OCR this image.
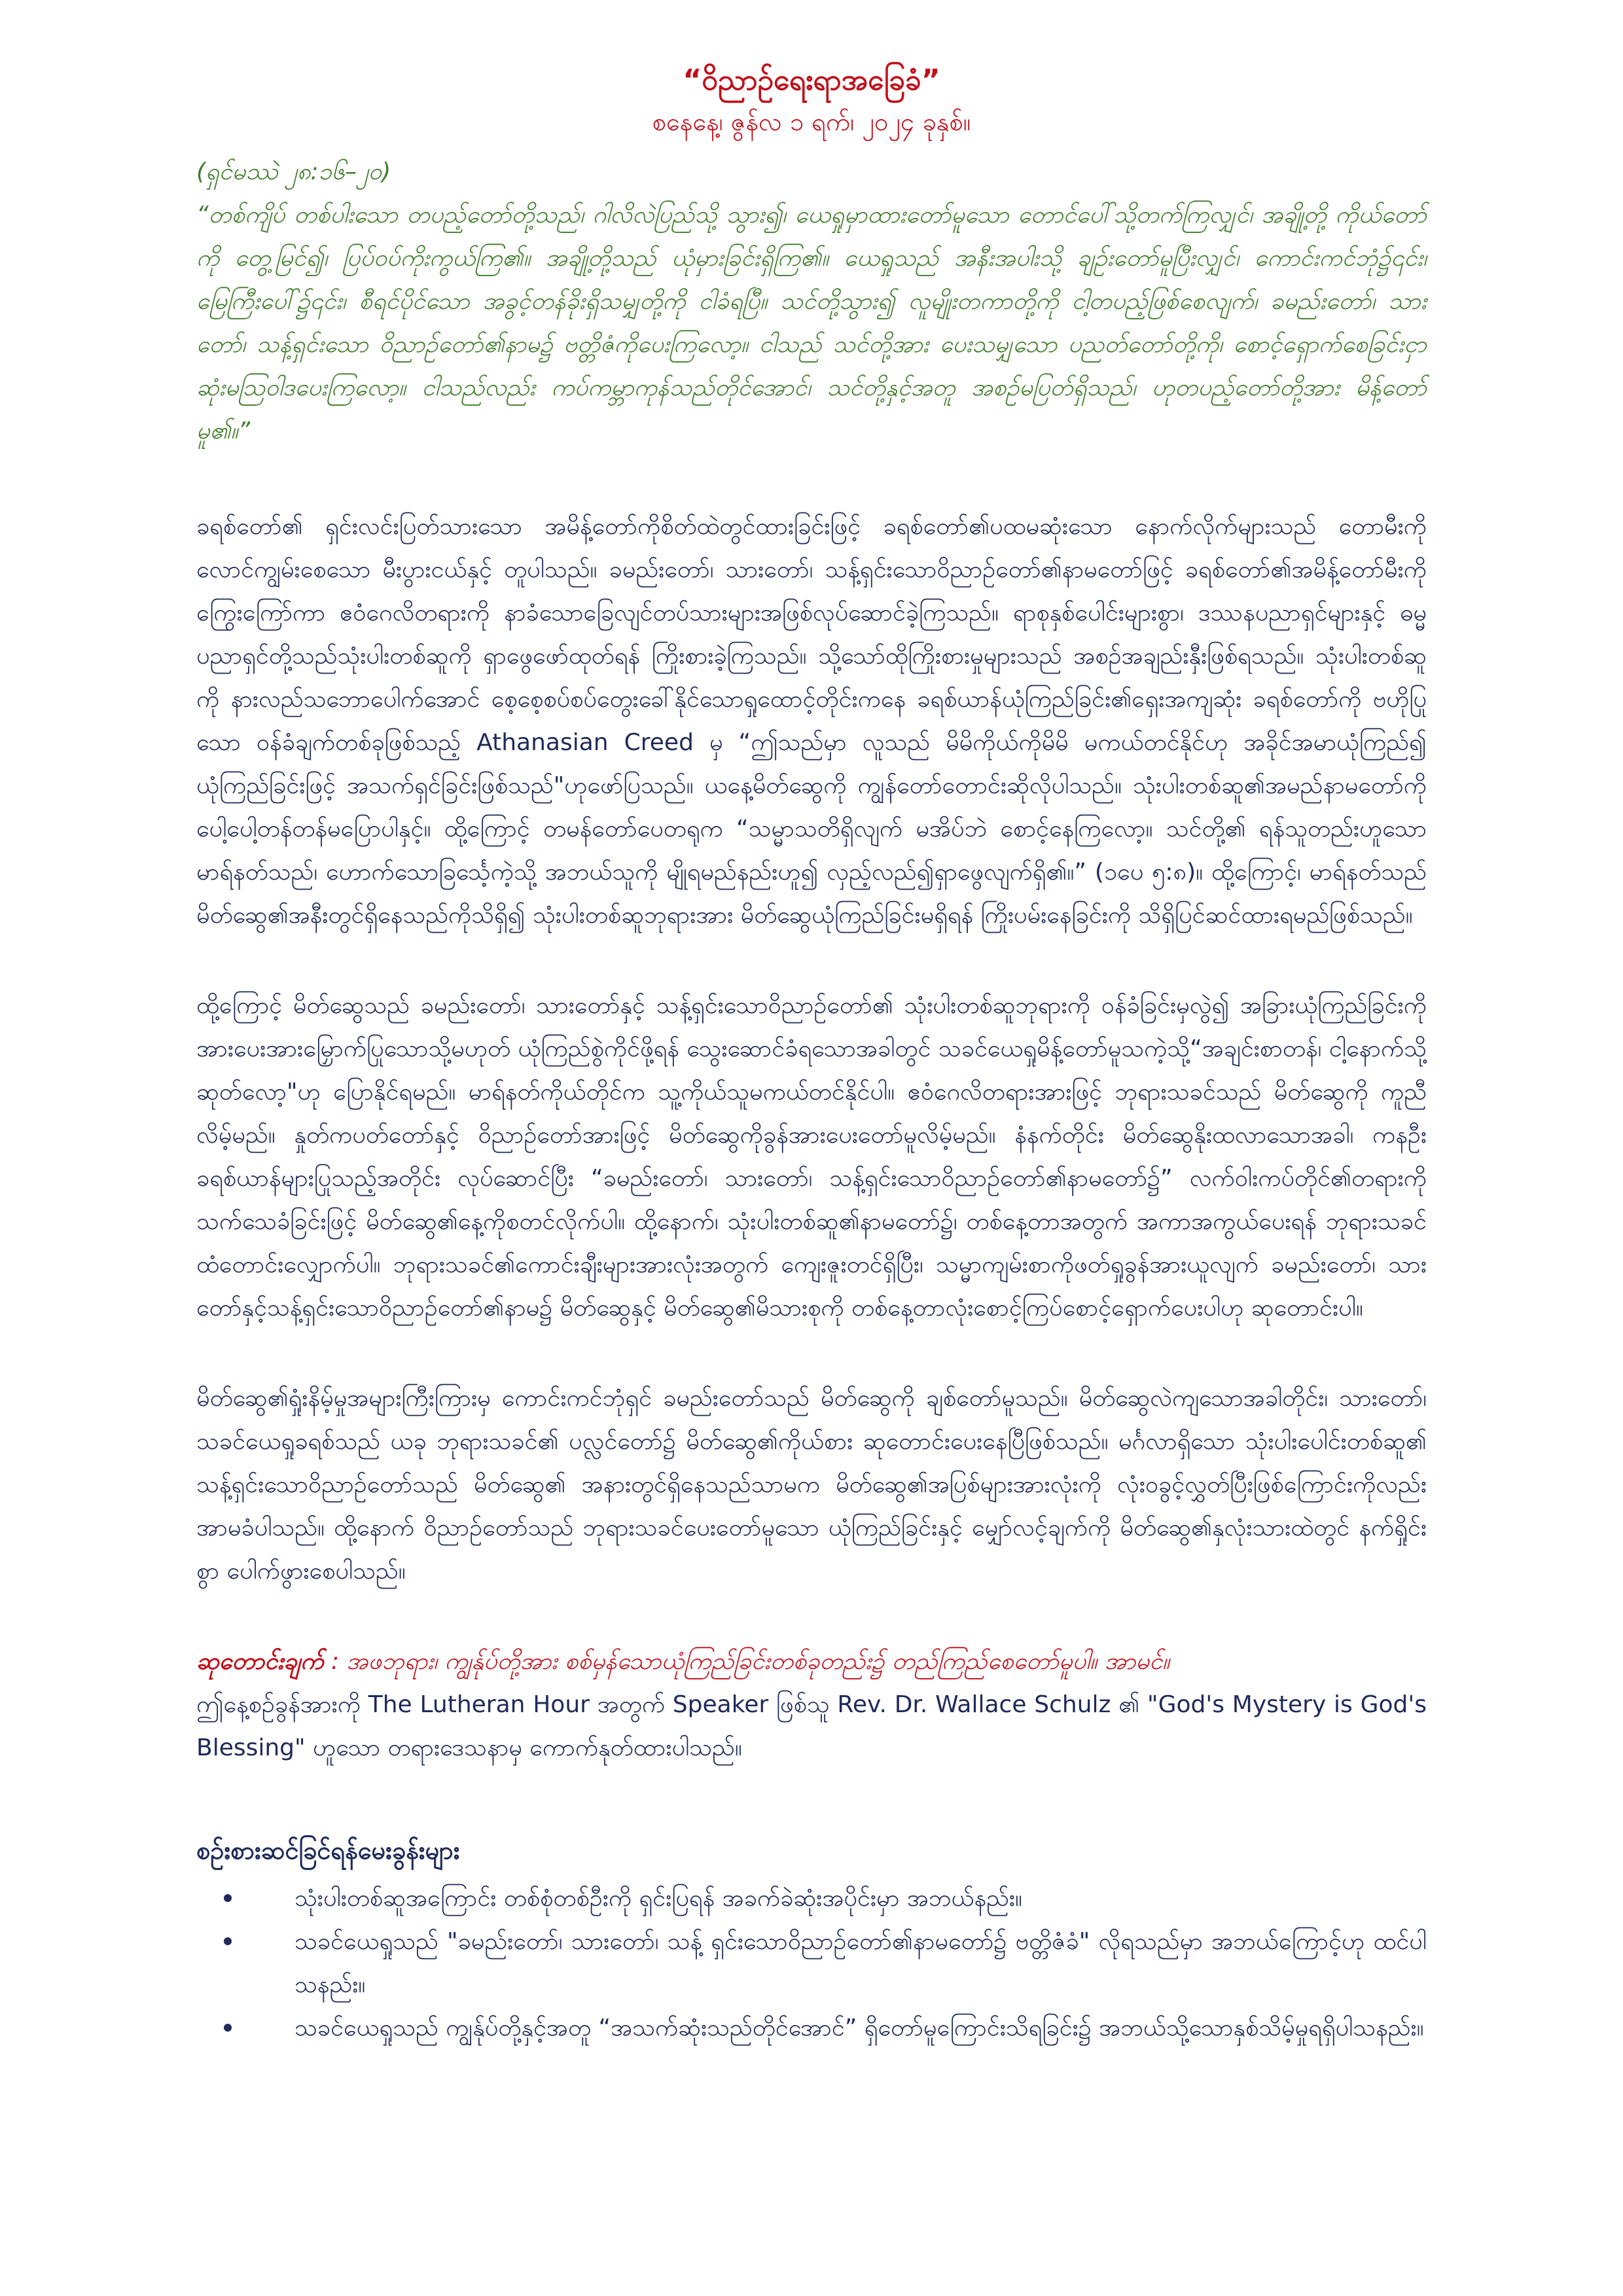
“ဝိညာဉ်ရေးရာအခြေခံ”
စနေနေ့၊ ဇွန်လ ၁ ရက်၊ ၂၀၂၄ ခုနှစ်။
(ရှင်မဿဲ ၂၈:၁၆–၂၀)
“တစ်ကျိပ် တစ်ပါးသော တပည့်တော်တို့သည်၊ ဂါလိလဲပြည်သို့ သွား၍၊ ယေရှုမှာထားတော်မူသော တောင်ပေါ်သို့တက်ကြလျှင်၊ အချို့တို့ ကိုယ်တော်ကို တွေ့မြင်၍၊ ပြပ်ဝပ်ကိုးကွယ်ကြ၏။ အချို့တို့သည် ယုံမှားခြင်းရှိကြ၏။ ယေရှုသည် အနီးအပါးသို့ ချဉ်းတော်မူပြီးလျှင်၊ ကောင်းကင်ဘုံ၌၎င်း၊ မြေကြီးပေါ်၌၎င်း၊ စီရင်ပိုင်သော အခွင့်တန်ခိုးရှိသမျှတို့ကို ငါခံရပြီ။ သင်တို့သွား၍ လူမျိုးတကာတို့ကို ငါ့တပည့်ဖြစ်စေလျက်၊ ခမည်းတော်၊ သားတော်၊ သန့်ရှင်းသော ဝိညာဉ်တော်၏နာမ၌ ဗတ္တိဇံကိုပေးကြလော့။ ငါသည် သင်တို့အား ပေးသမျှသော ပညတ်တော်တို့ကို၊ စောင့်ရှောက်စေခြင်းငှာ ဆုံးမဩဝါဒပေးကြလော့။ ငါသည်လည်း ကပ်ကမ္ဘာကုန်သည်တိုင်အောင်၊ သင်တို့နှင့်အတူ အစဉ်မပြတ်ရှိသည်၊ ဟုတပည့်တော်တို့အား မိန့်တော်မူ၏။”

ခရစ်တော်၏ ရှင်းလင်းပြတ်သားသော အမိန့်တော်ကိုစိတ်ထဲတွင်ထားခြင်းဖြင့် ခရစ်တော်၏ပထမဆုံးသော နောက်လိုက်များသည် တောမီးကို လောင်ကျွမ်းစေသော မီးပွားငယ်နှင့် တူပါသည်။ ခမည်းတော်၊ သားတော်၊ သန့်ရှင်းသောဝိညာဉ်တော်၏နာမတော်ဖြင့် ခရစ်တော်၏အမိန့်တော်မီးကို ကြွေးကြော်ကာ ဧဝံဂေလိတရားကို နာခံသောခြေလျင်တပ်သားများအဖြစ်လုပ်ဆောင်ခဲ့ကြသည်။ ရာစုနှစ်ပေါင်းများစွာ၊ ဒဿနပညာရှင်များနှင့် ဓမ္မပညာရှင်တို့သည်သုံးပါးတစ်ဆူကို ရှာဖွေဖော်ထုတ်ရန် ကြိုးစားခဲ့ကြသည်။ သို့သော်ထိုကြိုးစားမှုများသည် အစဉ်အချည်းနှီးဖြစ်ရသည်။ သုံးပါးတစ်ဆူကို နားလည်သဘောပေါက်အောင် စေ့စေ့စပ်စပ်တွေးခေါ်နိုင်သောရှုထောင့်တိုင်းကနေ ခရစ်ယာန်ယုံကြည်ခြင်း၏ရှေးအကျဆုံး ခရစ်တော်ကို ဗဟိုပြုသော ဝန်ခံချက်တစ်ခုဖြစ်သည့် Athanasian Creed မှ “ဤသည်မှာ လူသည် မိမိကိုယ်ကိုမိမိ မကယ်တင်နိုင်ဟု အခိုင်အမာယုံကြည်၍ ယုံကြည်ခြင်းဖြင့် အသက်ရှင်ခြင်းဖြစ်သည်"ဟုဖော်ပြသည်။ ယနေ့မိတ်ဆွေကို ကျွန်တော်တောင်းဆိုလိုပါသည်။ သုံးပါးတစ်ဆူ၏အမည်နာမတော်ကို ပေါ့ပေါ့တန်တန်မပြောပါနှင့်။ ထို့ကြောင့် တမန်တော်ပေတရုက “သမ္မာသတိရှိလျက် မအိပ်ဘဲ စောင့်နေကြလော့။ သင်တို့၏ ရန်သူတည်းဟူသော မာရ်နတ်သည်၊ ဟောက်သောခြင်္သေ့ကဲ့သို့ အဘယ်သူကို မျိုရမည်နည်းဟူ၍ လှည့်လည်၍ရှာဖွေလျက်ရှိ၏။” (၁ပေ ၅:၈)။ ထို့ကြောင့်၊ မာရ်နတ်သည် မိတ်ဆွေ၏အနီးတွင်ရှိနေသည်ကိုသိရှိ၍ သုံးပါးတစ်ဆူဘုရားအား မိတ်ဆွေယုံကြည်ခြင်းမရှိရန် ကြိုးပမ်းနေခြင်းကို သိရှိပြင်ဆင်ထားရမည်ဖြစ်သည်။

ထို့ကြောင့် မိတ်ဆွေသည် ခမည်းတော်၊ သားတော်နှင့် သန့်ရှင်းသောဝိညာဉ်တော်၏ သုံးပါးတစ်ဆူဘုရားကို ဝန်ခံခြင်းမှလွဲ၍ အခြားယုံကြည်ခြင်းကို အားပေးအားမြှောက်ပြုသောသို့မဟုတ် ယုံကြည်စွဲကိုင်ဖို့ရန် သွေးဆောင်ခံရသောအခါတွင် သခင်ယေရှုမိန့်တော်မူသကဲ့သို့“အချင်းစာတန်၊ ငါ့နောက်သို့ ဆုတ်လော့"ဟု ပြောနိုင်ရမည်။ မာရ်နတ်ကိုယ်တိုင်က သူ့ကိုယ်သူမကယ်တင်နိုင်ပါ။ ဧဝံဂေလိတရားအားဖြင့် ဘုရားသခင်သည် မိတ်ဆွေကို ကူညီလိမ့်မည်။ နှုတ်ကပတ်တော်နှင့် ဝိညာဉ်တော်အားဖြင့် မိတ်ဆွေကိုခွန်အားပေးတော်မူလိမ့်မည်။ နံနက်တိုင်း မိတ်ဆွေနိုးထလာသောအခါ၊ ကနဦးခရစ်ယာန်များပြုသည့်အတိုင်း လုပ်ဆောင်ပြီး “ခမည်းတော်၊ သားတော်၊ သန့်ရှင်းသောဝိညာဉ်တော်၏နာမတော်၌” လက်ဝါးကပ်တိုင်၏တရားကို သက်သေခံခြင်းဖြင့် မိတ်ဆွေ၏နေ့ကိုစတင်လိုက်ပါ။ ထို့နောက်၊ သုံးပါးတစ်ဆူ၏နာမတော်၌၊ တစ်နေ့တာအတွက် အကာအကွယ်ပေးရန် ဘုရားသခင်ထံတောင်းလျှောက်ပါ။ ဘုရားသခင်၏ကောင်းချီးများအားလုံးအတွက် ကျေးဇူးတင်ရှိပြီး၊ သမ္မာကျမ်းစာကိုဖတ်ရှုခွန်အားယူလျက် ခမည်းတော်၊ သားတော်နှင့်သန့်ရှင်းသောဝိညာဉ်တော်၏နာမ၌ မိတ်ဆွေနှင့် မိတ်ဆွေ၏မိသားစုကို တစ်နေ့တာလုံးစောင့်ကြပ်စောင့်ရှောက်ပေးပါဟု ဆုတောင်းပါ။

မိတ်ဆွေ၏ရှုံးနိမ့်မှုအများကြီးကြားမှ ကောင်းကင်ဘုံရှင် ခမည်းတော်သည် မိတ်ဆွေကို ချစ်တော်မူသည်။ မိတ်ဆွေလဲကျသောအခါတိုင်း၊ သားတော်၊ သခင်ယေရှုခရစ်သည် ယခု ဘုရားသခင်၏ ပလ္လင်တော်၌ မိတ်ဆွေ၏ကိုယ်စား ဆုတောင်းပေးနေပြီဖြစ်သည်။ မင်္ဂလာရှိသော သုံးပါးပေါင်းတစ်ဆူ၏ သန့်ရှင်းသောဝိညာဉ်တော်သည် မိတ်ဆွေ၏ အနားတွင်ရှိနေသည်သာမက မိတ်ဆွေ၏အပြစ်များအားလုံးကို လုံးဝခွင့်လွှတ်ပြီးဖြစ်ကြောင်းကိုလည်း အာမခံပါသည်။ ထို့နောက် ဝိညာဉ်တော်သည် ဘုရားသခင်ပေးတော်မူသော ယုံကြည်ခြင်းနှင့် မျှော်လင့်ချက်ကို မိတ်ဆွေ၏နှလုံးသားထဲတွင် နက်ရှိုင်းစွာ ပေါက်ဖွားစေပါသည်။

ဆုတောင်းချက် : အဖဘုရား၊ ကျွန်ုပ်တို့အား စစ်မှန်သောယုံကြည်ခြင်းတစ်ခုတည်း၌ တည်ကြည်စေတော်မူပါ။ အာမင်။
ဤနေ့စဉ်ခွန်အားကို The Lutheran Hour အတွက် Speaker ဖြစ်သူ Rev. Dr. Wallace Schulz ၏ "God's Mystery is God's Blessing" ဟူသော တရားဒေသနာမှ ကောက်နုတ်ထားပါသည်။
စဉ်းစားဆင်ခြင်ရန်မေးခွန်းများ
သုံးပါးတစ်ဆူအကြောင်း တစ်စုံတစ်ဦးကို ရှင်းပြရန် အခက်ခဲဆုံးအပိုင်းမှာ အဘယ်နည်း။
သခင်ယေရှုသည် "ခမည်းတော်၊ သားတော်၊ သန့် ရှင်းသောဝိညာဉ်တော်၏နာမတော်၌ ဗတ္တိဇံခံ" လိုရသည်မှာ အဘယ်ကြောင့်ဟု ထင်ပါသနည်း။
သခင်ယေရှုသည် ကျွန်ုပ်တို့နှင့်အတူ “အသက်ဆုံးသည်တိုင်အောင်” ရှိတော်မူကြောင်းသိရခြင်း၌ အဘယ်သို့သောနှစ်သိမ့်မှုရရှိပါသနည်း။
